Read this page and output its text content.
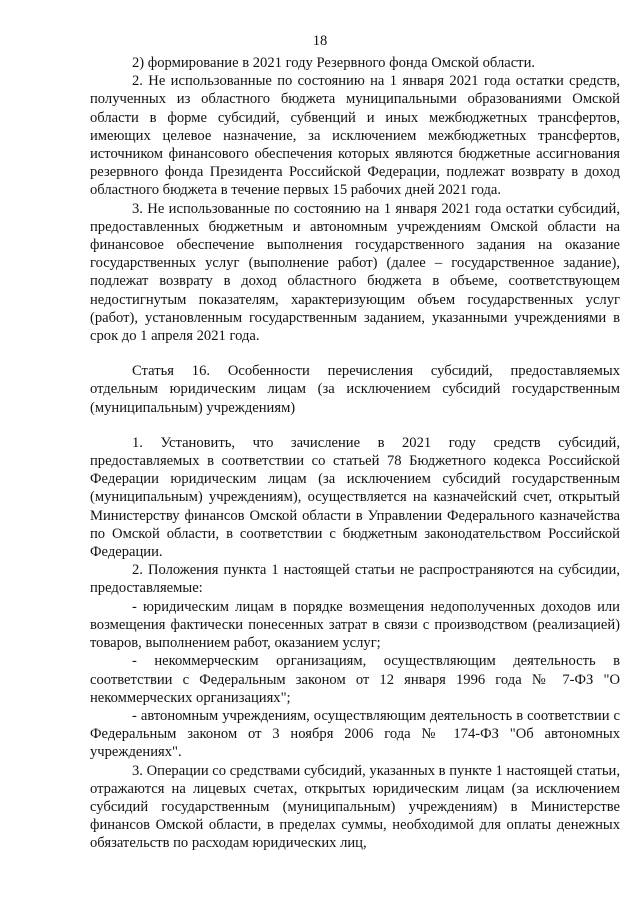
18

2) формирование в 2021 году Резервного фонда Омской области.

2. Не использованные по состоянию на 1 января 2021 года остатки средств, полученных из областного бюджета муниципальными образованиями Омской области в форме субсидий, субвенций и иных межбюджетных трансфертов, имеющих целевое назначение, за исключением межбюджетных трансфертов, источником финансового обеспечения которых являются бюджетные ассигнования резервного фонда Президента Российской Федерации, подлежат возврату в доход областного бюджета в течение первых 15 рабочих дней 2021 года.

3. Не использованные по состоянию на 1 января 2021 года остатки субсидий, предоставленных бюджетным и автономным учреждениям Омской области на финансовое обеспечение выполнения государственного задания на оказание государственных услуг (выполнение работ) (далее – государственное задание), подлежат возврату в доход областного бюджета в объеме, соответствующем недостигнутым показателям, характеризующим объем государственных услуг (работ), установленным государственным заданием, указанными учреждениями в срок до 1 апреля 2021 года.

Статья 16. Особенности перечисления субсидий, предоставляемых отдельным юридическим лицам (за исключением субсидий государственным (муниципальным) учреждениям)

1. Установить, что зачисление в 2021 году средств субсидий, предоставляемых в соответствии со статьей 78 Бюджетного кодекса Российской Федерации юридическим лицам (за исключением субсидий государственным (муниципальным) учреждениям), осуществляется на казначейский счет, открытый Министерству финансов Омской области в Управлении Федерального казначейства по Омской области, в соответствии с бюджетным законодательством Российской Федерации.

2. Положения пункта 1 настоящей статьи не распространяются на субсидии, предоставляемые:

- юридическим лицам в порядке возмещения недополученных доходов или возмещения фактически понесенных затрат в связи с производством (реализацией) товаров, выполнением работ, оказанием услуг;

- некоммерческим организациям, осуществляющим деятельность в соответствии с Федеральным законом от 12 января 1996 года № 7-ФЗ "О некоммерческих организациях";

- автономным учреждениям, осуществляющим деятельность в соответствии с Федеральным законом от 3 ноября 2006 года № 174-ФЗ "Об автономных учреждениях".

3. Операции со средствами субсидий, указанных в пункте 1 настоящей статьи, отражаются на лицевых счетах, открытых юридическим лицам (за исключением субсидий государственным (муниципальным) учреждениям) в Министерстве финансов Омской области, в пределах суммы, необходимой для оплаты денежных обязательств по расходам юридических лиц,
